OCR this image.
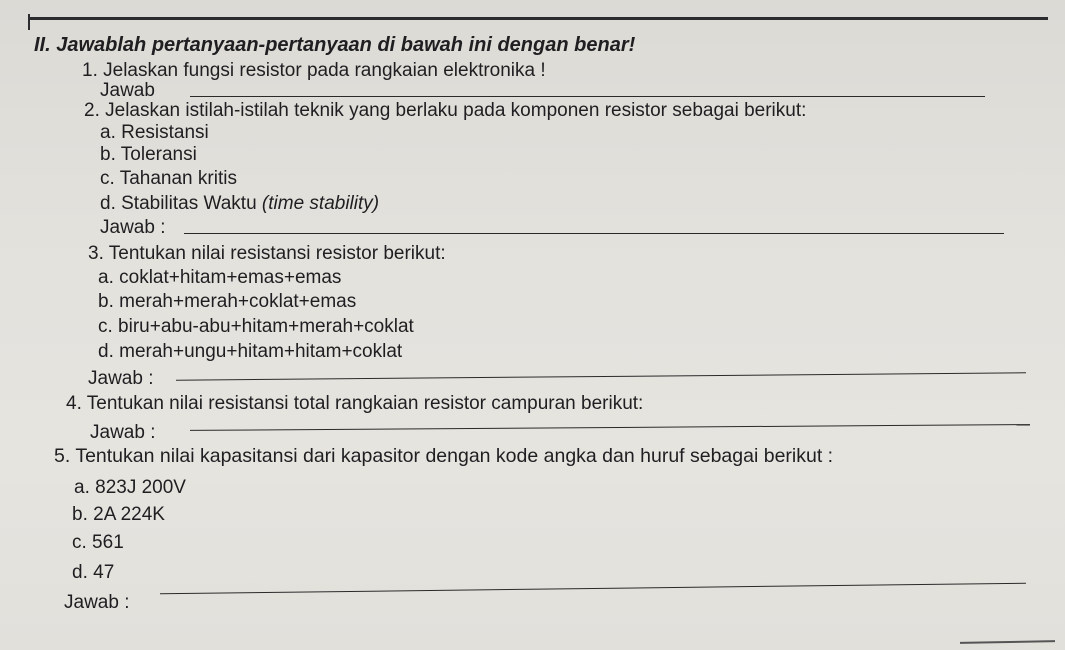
II. Jawablah pertanyaan-pertanyaan di bawah ini dengan benar!
1. Jelaskan fungsi resistor pada rangkaian elektronika !
Jawab
2. Jelaskan istilah-istilah teknik yang berlaku pada komponen resistor sebagai berikut:
a. Resistansi
b. Toleransi
c. Tahanan kritis
d. Stabilitas Waktu (time stability)
Jawab :
3. Tentukan nilai resistansi resistor berikut:
a. coklat+hitam+emas+emas
b. merah+merah+coklat+emas
c. biru+abu-abu+hitam+merah+coklat
d. merah+ungu+hitam+hitam+coklat
Jawab :
4. Tentukan nilai resistansi total rangkaian resistor campuran berikut:
Jawab :
5. Tentukan nilai kapasitansi dari kapasitor dengan kode angka dan huruf sebagai berikut :
a. 823J 200V
b. 2A 224K
c. 561
d. 47
Jawab :
